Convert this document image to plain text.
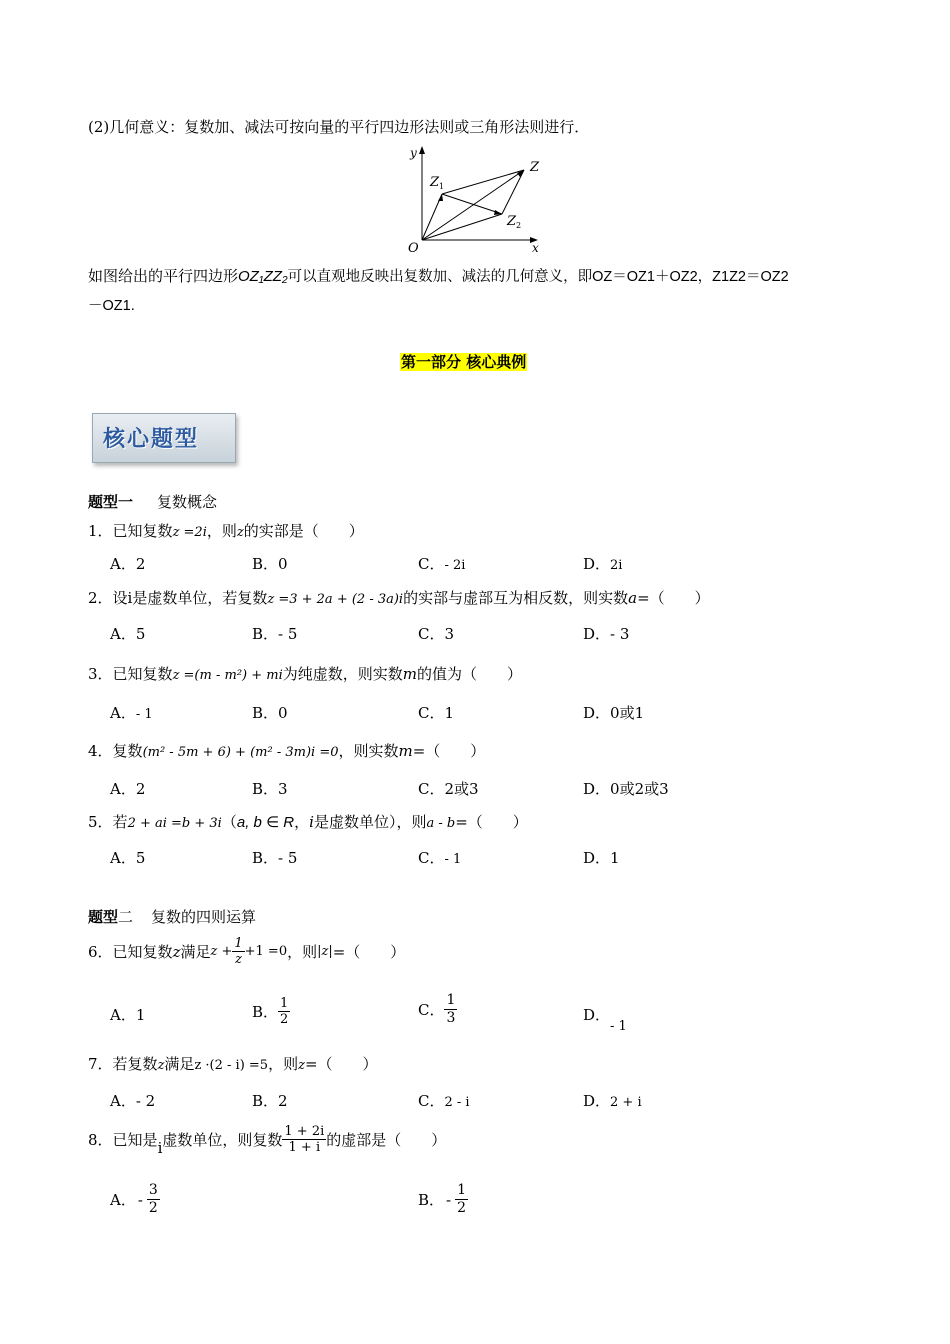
(2)几何意义：复数加、减法可按向量的平行四边形法则或三角形法则进行．
y
x
O
Z
Z 1
Z 2
如图给出的平行四边形OZ₁ZZ₂可以直观地反映出复数加、减法的几何意义，即OZ＝OZ1＋OZ2，Z1Z2＝OZ2
－OZ1.
第一部分 核心典例
核心题型
题型一 复数概念
1．已知复数z =2i，则z的实部是（　　）
A．2	B．0	C．- 2i	D．2i
2．设i是虚数单位，若复数z =3 + 2a + (2 - 3a)i的实部与虚部互为相反数，则实数a=（　　）
A．5	B．- 5	C．3	D．- 3
3．已知复数z =(m - m²) + mi为纯虚数，则实数m的值为（　　）
A．- 1	B．0	C．1	D．0或1
4．复数(m² - 5m + 6) + (m² - 3m)i =0，则实数m=（　　）
A．2	B．3	C．2或3	D．0或2或3
5．若2 + ai =b + 3i（a, b ∈ R，i是虚数单位），则a - b=（　　）
A．5	B．- 5	C．- 1	D．1
题型二 复数的四则运算
6． 已知复数 z 满足 $z + \frac{1}{z} +1 =0$ ，则 |z| =（　　）
A．1	B． $\frac{1}{2}$	C． $\frac{1}{3}$	D．- 1
7．若复数z满足z ·(2 - i) =5，则z=（　　）
A．- 2	B．2	C．2 - i	D．2 + i
8． 已知是 i 虚数单位，则复数 $\frac{1 + 2i}{1 + i}$ 的虚部是（　　）
A． - $\frac{3}{2}$	B． - $\frac{1}{2}$
